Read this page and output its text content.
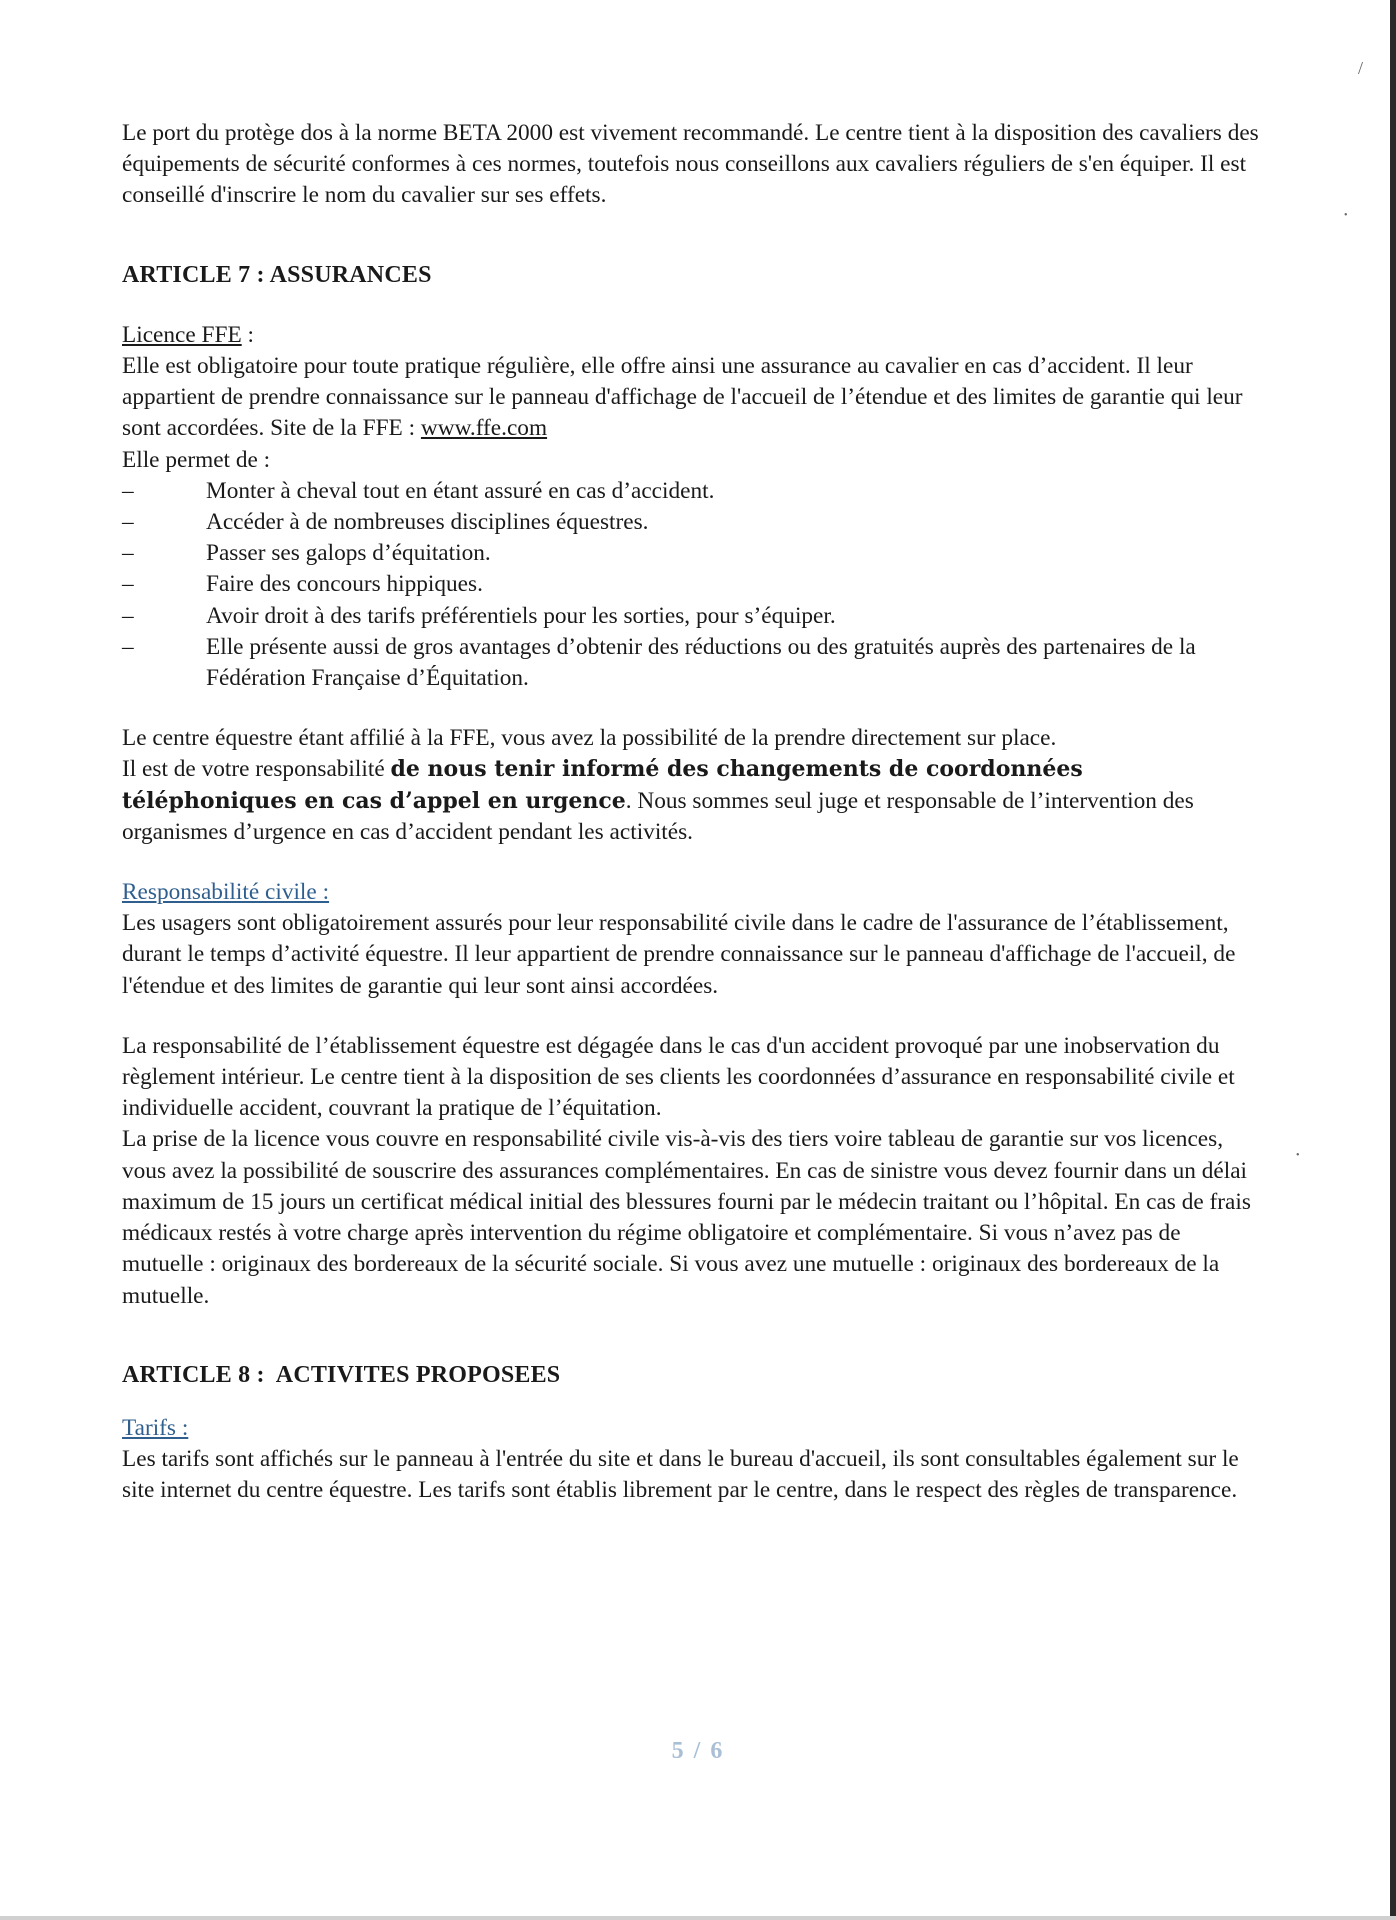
Le port du protège dos à la norme BETA 2000 est vivement recommandé. Le centre tient à la disposition des cavaliers des équipements de sécurité conformes à ces normes, toutefois nous conseillons aux cavaliers réguliers de s'en équiper. Il est conseillé d'inscrire le nom du cavalier sur ses effets.

ARTICLE 7 : ASSURANCES

Licence FFE :

Elle est obligatoire pour toute pratique régulière, elle offre ainsi une assurance au cavalier en cas d’accident. Il leur appartient de prendre connaissance sur le panneau d'affichage de l'accueil de l’étendue et des limites de garantie qui leur sont accordées. Site de la FFE : www.ffe.com

Elle permet de :

–	Monter à cheval tout en étant assuré en cas d’accident.
–	Accéder à de nombreuses disciplines équestres.
–	Passer ses galops d’équitation.
–	Faire des concours hippiques.
–	Avoir droit à des tarifs préférentiels pour les sorties, pour s’équiper.
–	Elle présente aussi de gros avantages d’obtenir des réductions ou des gratuités auprès des partenaires de la Fédération Française d’Équitation.

Le centre équestre étant affilié à la FFE, vous avez la possibilité de la prendre directement sur place.

Il est de votre responsabilité de nous tenir informé des changements de coordonnées téléphoniques en cas d’appel en urgence. Nous sommes seul juge et responsable de l’intervention des organismes d’urgence en cas d’accident pendant les activités.

Responsabilité civile :

Les usagers sont obligatoirement assurés pour leur responsabilité civile dans le cadre de l'assurance de l’établissement, durant le temps d’activité équestre. Il leur appartient de prendre connaissance sur le panneau d'affichage de l'accueil, de l'étendue et des limites de garantie qui leur sont ainsi accordées.

La responsabilité de l’établissement équestre est dégagée dans le cas d'un accident provoqué par une inobservation du règlement intérieur. Le centre tient à la disposition de ses clients les coordonnées d’assurance en responsabilité civile et individuelle accident, couvrant la pratique de l’équitation.

La prise de la licence vous couvre en responsabilité civile vis-à-vis des tiers voire tableau de garantie sur vos licences, vous avez la possibilité de souscrire des assurances complémentaires. En cas de sinistre vous devez fournir dans un délai maximum de 15 jours un certificat médical initial des blessures fourni par le médecin traitant ou l’hôpital. En cas de frais médicaux restés à votre charge après intervention du régime obligatoire et complémentaire. Si vous n’avez pas de mutuelle : originaux des bordereaux de la sécurité sociale. Si vous avez une mutuelle : originaux des bordereaux de la mutuelle.

ARTICLE 8 :  ACTIVITES PROPOSEES

Tarifs :

Les tarifs sont affichés sur le panneau à l'entrée du site et dans le bureau d'accueil, ils sont consultables également sur le site internet du centre équestre. Les tarifs sont établis librement par le centre, dans le respect des règles de transparence.

5 / 6
/
•
•
